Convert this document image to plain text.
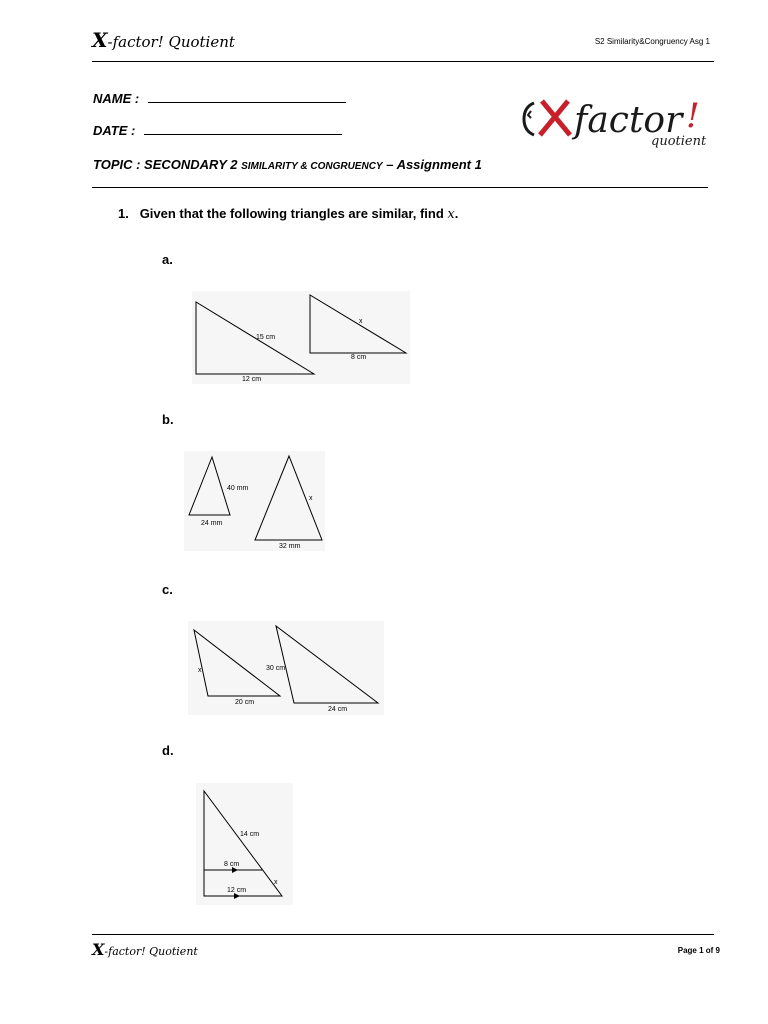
X-factor! Quotient	S2 Similarity&Congruency Asg 1
factor !
quotient
NAME :
DATE :
TOPIC : SECONDARY 2 SIMILARITY & CONGRUENCY – Assignment 1
1. Given that the following triangles are similar, find x.
a.
15 cm
12 cm
x
8 cm
b.
40 mm
24 mm
x
32 mm
c.
x
20 cm
30 cm
24 cm
d.
14 cm
8 cm
12 cm
x
X-factor! Quotient	Page 1 of 9
